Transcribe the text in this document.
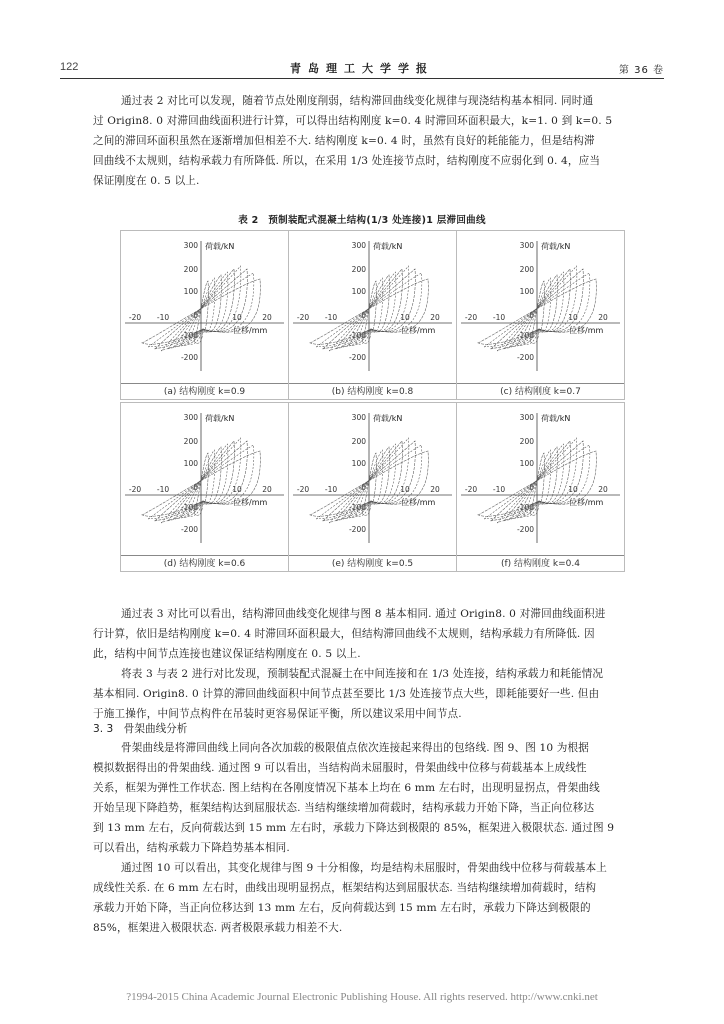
122	青岛理工大学学报	第 36 卷

通过表 2 对比可以发现，随着节点处刚度削弱，结构滞回曲线变化规律与现浇结构基本相同. 同时通

过 Origin8. 0 对滞回曲线面积进行计算，可以得出结构刚度 k=0. 4 时滞回环面积最大，k=1. 0 到 k=0. 5

之间的滞回环面积虽然在逐渐增加但相差不大. 结构刚度 k=0. 4 时，虽然有良好的耗能能力，但是结构滞

回曲线不太规则，结构承载力有所降低. 所以，在采用 1/3 处连接节点时，结构刚度不应弱化到 0. 4，应当

保证刚度在 0. 5 以上.

表 2　预制装配式混凝土结构(1/3 处连接)1 层滞回曲线
300
200
100
0
-100
-200
-20 -10	10	20
荷载/kN
位移/mm
(a) 结构刚度 k=0.9
300
200
100
0
-100
-200
-20 -10	10	20
荷载/kN
位移/mm
(b) 结构刚度 k=0.8
300
200
100
0
-100
-200
-20 -10	10	20
荷载/kN
位移/mm
(c) 结构刚度 k=0.7
300
200
100
0
-100
-200
-20 -10	10	20
荷载/kN
位移/mm
(d) 结构刚度 k=0.6
300
200
100
0
-100
-200
-20 -10	10	20
荷载/kN
位移/mm
(e) 结构刚度 k=0.5
300
200
100
0
-100
-200
-20 -10	10	20
荷载/kN
位移/mm
(f) 结构刚度 k=0.4

通过表 3 对比可以看出，结构滞回曲线变化规律与图 8 基本相同. 通过 Origin8. 0 对滞回曲线面积进

行计算，依旧是结构刚度 k=0. 4 时滞回环面积最大，但结构滞回曲线不太规则，结构承载力有所降低. 因

此，结构中间节点连接也建议保证结构刚度在 0. 5 以上.

将表 3 与表 2 进行对比发现，预制装配式混凝土在中间连接和在 1/3 处连接，结构承载力和耗能情况

基本相同. Origin8. 0 计算的滞回曲线面积中间节点甚至要比 1/3 处连接节点大些，即耗能要好一些. 但由

于施工操作，中间节点构件在吊装时更容易保证平衡，所以建议采用中间节点.

3. 3　骨架曲线分析

骨架曲线是将滞回曲线上同向各次加载的极限值点依次连接起来得出的包络线. 图 9、图 10 为根据

模拟数据得出的骨架曲线. 通过图 9 可以看出，当结构尚未屈服时，骨架曲线中位移与荷载基本上成线性

关系，框架为弹性工作状态. 图上结构在各刚度情况下基本上均在 6 mm 左右时，出现明显拐点，骨架曲线

开始呈现下降趋势，框架结构达到屈服状态. 当结构继续增加荷载时，结构承载力开始下降，当正向位移达

到 13 mm 左右，反向荷载达到 15 mm 左右时，承载力下降达到极限的 85%，框架进入极限状态. 通过图 9

可以看出，结构承载力下降趋势基本相同.

通过图 10 可以看出，其变化规律与图 9 十分相像，均是结构未屈服时，骨架曲线中位移与荷载基本上

成线性关系. 在 6 mm 左右时，曲线出现明显拐点，框架结构达到屈服状态. 当结构继续增加荷载时，结构

承载力开始下降，当正向位移达到 13 mm 左右，反向荷载达到 15 mm 左右时，承载力下降达到极限的

85%，框架进入极限状态. 两者极限承载力相差不大.

?1994-2015 China Academic Journal Electronic Publishing House. All rights reserved. http://www.cnki.net
